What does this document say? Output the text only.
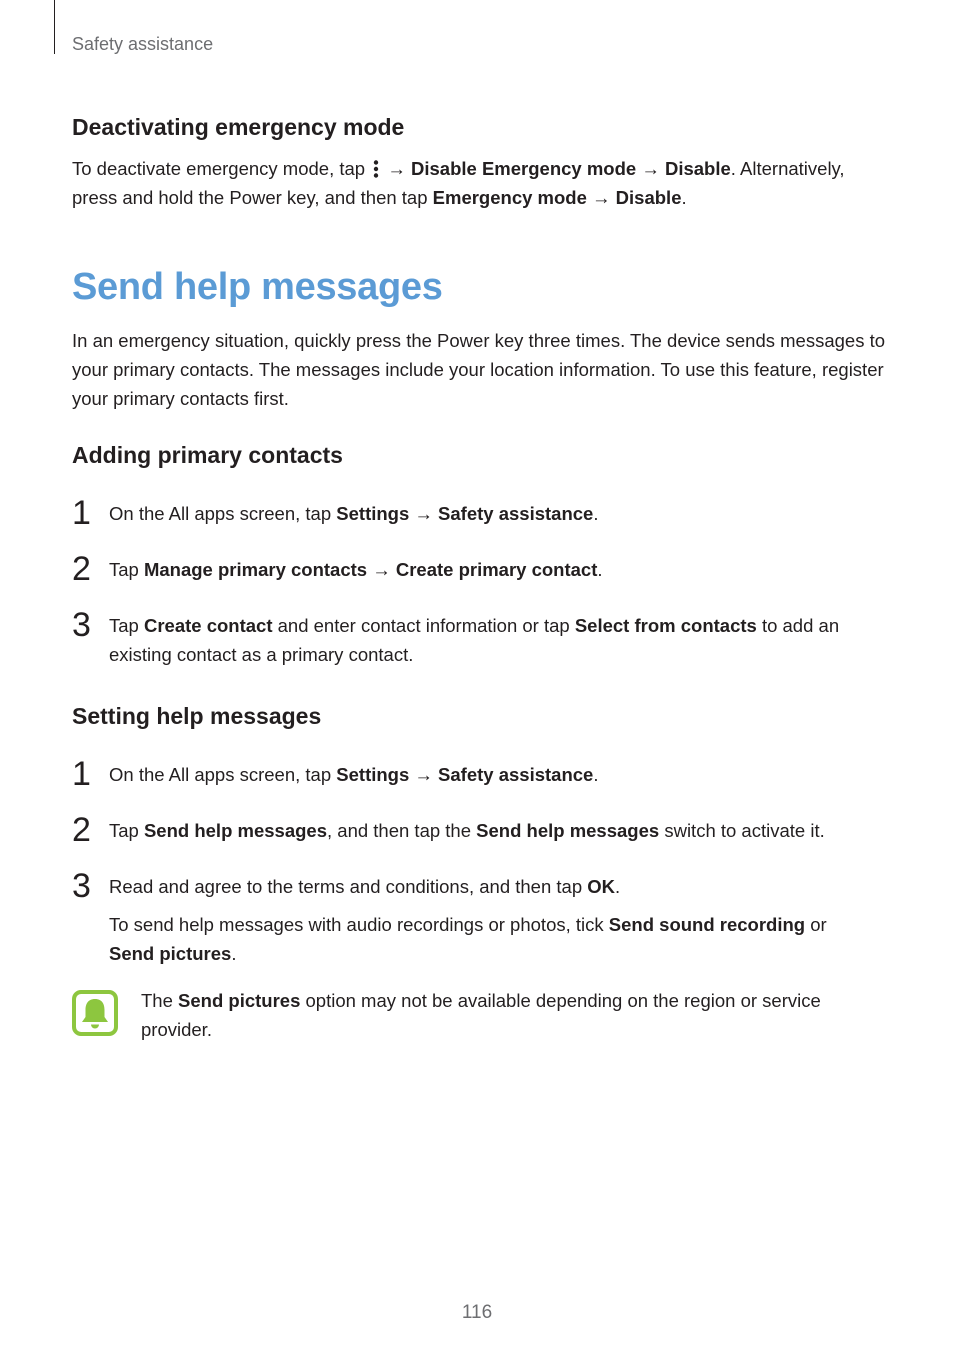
Safety assistance
Deactivating emergency mode

To deactivate emergency mode, tap  → Disable Emergency mode → Disable. Alternatively, press and hold the Power key, and then tap Emergency mode → Disable.

Send help messages

In an emergency situation, quickly press the Power key three times. The device sends messages to your primary contacts. The messages include your location information. To use this feature, register your primary contacts first.

Adding primary contacts
1 On the All apps screen, tap Settings → Safety assistance.
2 Tap Manage primary contacts → Create primary contact.
3 Tap Create contact and enter contact information or tap Select from contacts to add an existing contact as a primary contact.
Setting help messages
1 On the All apps screen, tap Settings → Safety assistance.
2 Tap Send help messages, and then tap the Send help messages switch to activate it.
3 Read and agree to the terms and conditions, and then tap OK.

To send help messages with audio recordings or photos, tick Send sound recording or Send pictures.

The Send pictures option may not be available depending on the region or service provider.

116
